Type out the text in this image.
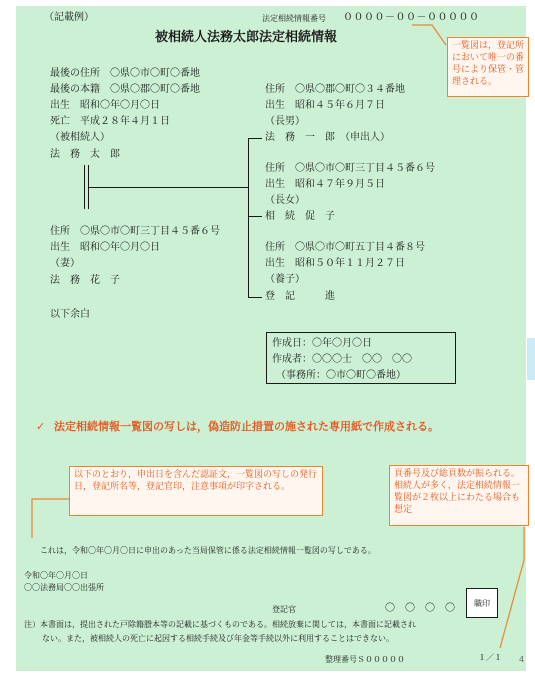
（記載例）	法定相続情報番号 ００００－００－０００００
被相続人法務太郎法定相続情報
最後の住所　〇県〇市〇町〇番地
最後の本籍　〇県〇郡〇町〇番地
出生　昭和〇年〇月〇日
死亡　平成２８年４月１日
（被相続人）
法　務　太　郎
住所　〇県〇市〇町三丁目４５番６号
出生　昭和〇年〇月〇日
（妻）
法　務　花　子
以下余白
住所　〇県〇郡〇町〇３４番地
出生　昭和４５年６月７日
（長男）
法　務　一　郎　（申出人）
住所　〇県〇市〇町三丁目４５番６号
出生　昭和４７年９月５日
（長女）
相　続　促　子
住所　〇県〇市〇町五丁目４番８号
出生　昭和５０年１１月２７日
（養子）
登　記　　　進
作成日：〇年〇月〇日
作成者：〇〇〇士　〇〇　〇〇
（事務所：〇市〇町〇番地）
✓ 法定相続情報一覧図の写しは，偽造防止措置の施された専用紙で作成される。
一覧図は，登記所において唯一の番号により保管・管理される。
以下のとおり，申出日を含んだ認証文，一覧図の写しの発行日，登記所名等，登記官印，注意事項が印字される。
頁番号及び総頁数が振られる。相続人が多く，法定相続情報一覧図が２枚以上にわたる場合も想定
これは，令和〇年〇月〇日に申出のあった当局保管に係る法定相続情報一覧図の写しである。
令和〇年〇月〇日
〇〇法務局〇〇出張所
登記官	〇　〇　〇　〇	職印
注）本書面は，提出された戸除籍謄本等の記載に基づくものである。相続放棄に関しては，本書面に記載され
ない。また，被相続人の死亡に起因する相続手続及び年金等手続以外に利用することはできない。
整理番号Ｓ０００００	１／１ 4
